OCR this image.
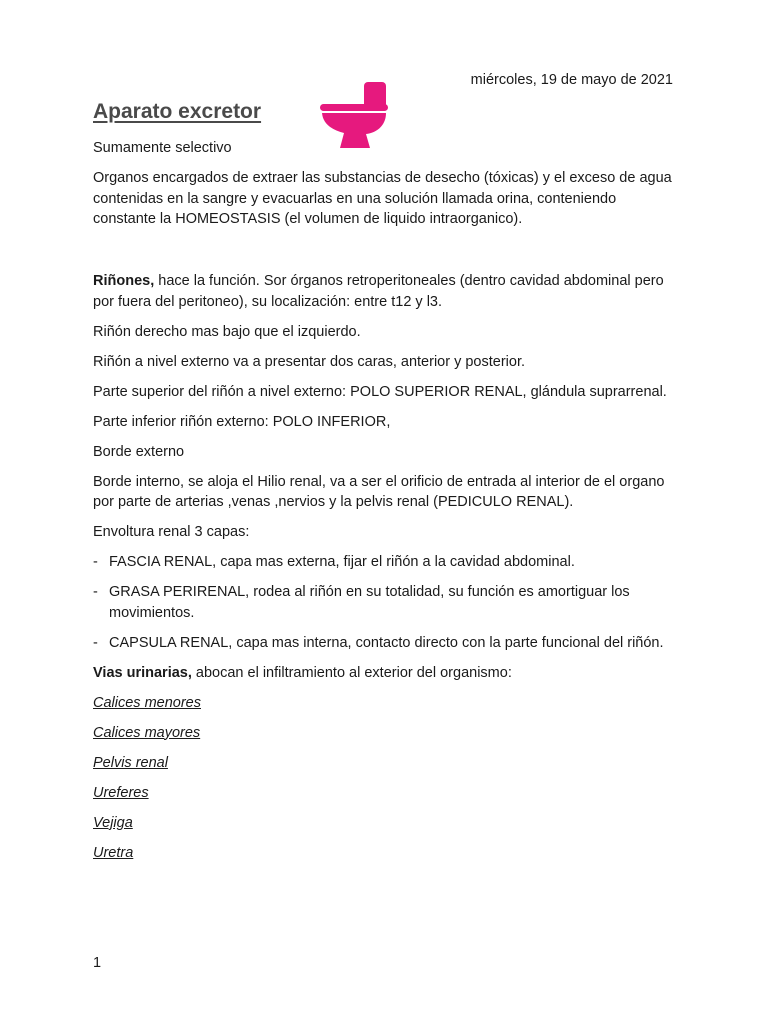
miércoles, 19 de mayo de 2021
Aparato excretor

Sumamente selectivo

Organos encargados de extraer las substancias de desecho (tóxicas) y el exceso de agua contenidas en la sangre y evacuarlas en una solución llamada orina, conteniendo constante la HOMEOSTASIS (el volumen de liquido intraorganico).

Riñones, hace la función. Sor órganos retroperitoneales (dentro cavidad abdominal pero por fuera del peritoneo), su localización: entre t12 y l3.

Riñón derecho mas bajo que el izquierdo.

Riñón a nivel externo va a presentar dos caras, anterior y posterior.

Parte superior del riñón a nivel externo: POLO SUPERIOR RENAL, glándula suprarrenal.

Parte inferior riñón externo: POLO INFERIOR,

Borde externo

Borde interno, se aloja el Hilio renal, va a ser el orificio de entrada al interior de el organo por parte de arterias ,venas ,nervios y la pelvis renal (PEDICULO RENAL).

Envoltura renal 3 capas:

- FASCIA RENAL, capa mas externa, fijar el riñón a la cavidad abdominal.
- GRASA PERIRENAL, rodea al riñón en su totalidad, su función es amortiguar los movimientos.
- CAPSULA RENAL, capa mas interna, contacto directo con la parte funcional del riñón.

Vias urinarias, abocan el infiltramiento al exterior del organismo:

Calices menores
Calices mayores
Pelvis renal
Ureferes
Vejiga
Uretra
1
